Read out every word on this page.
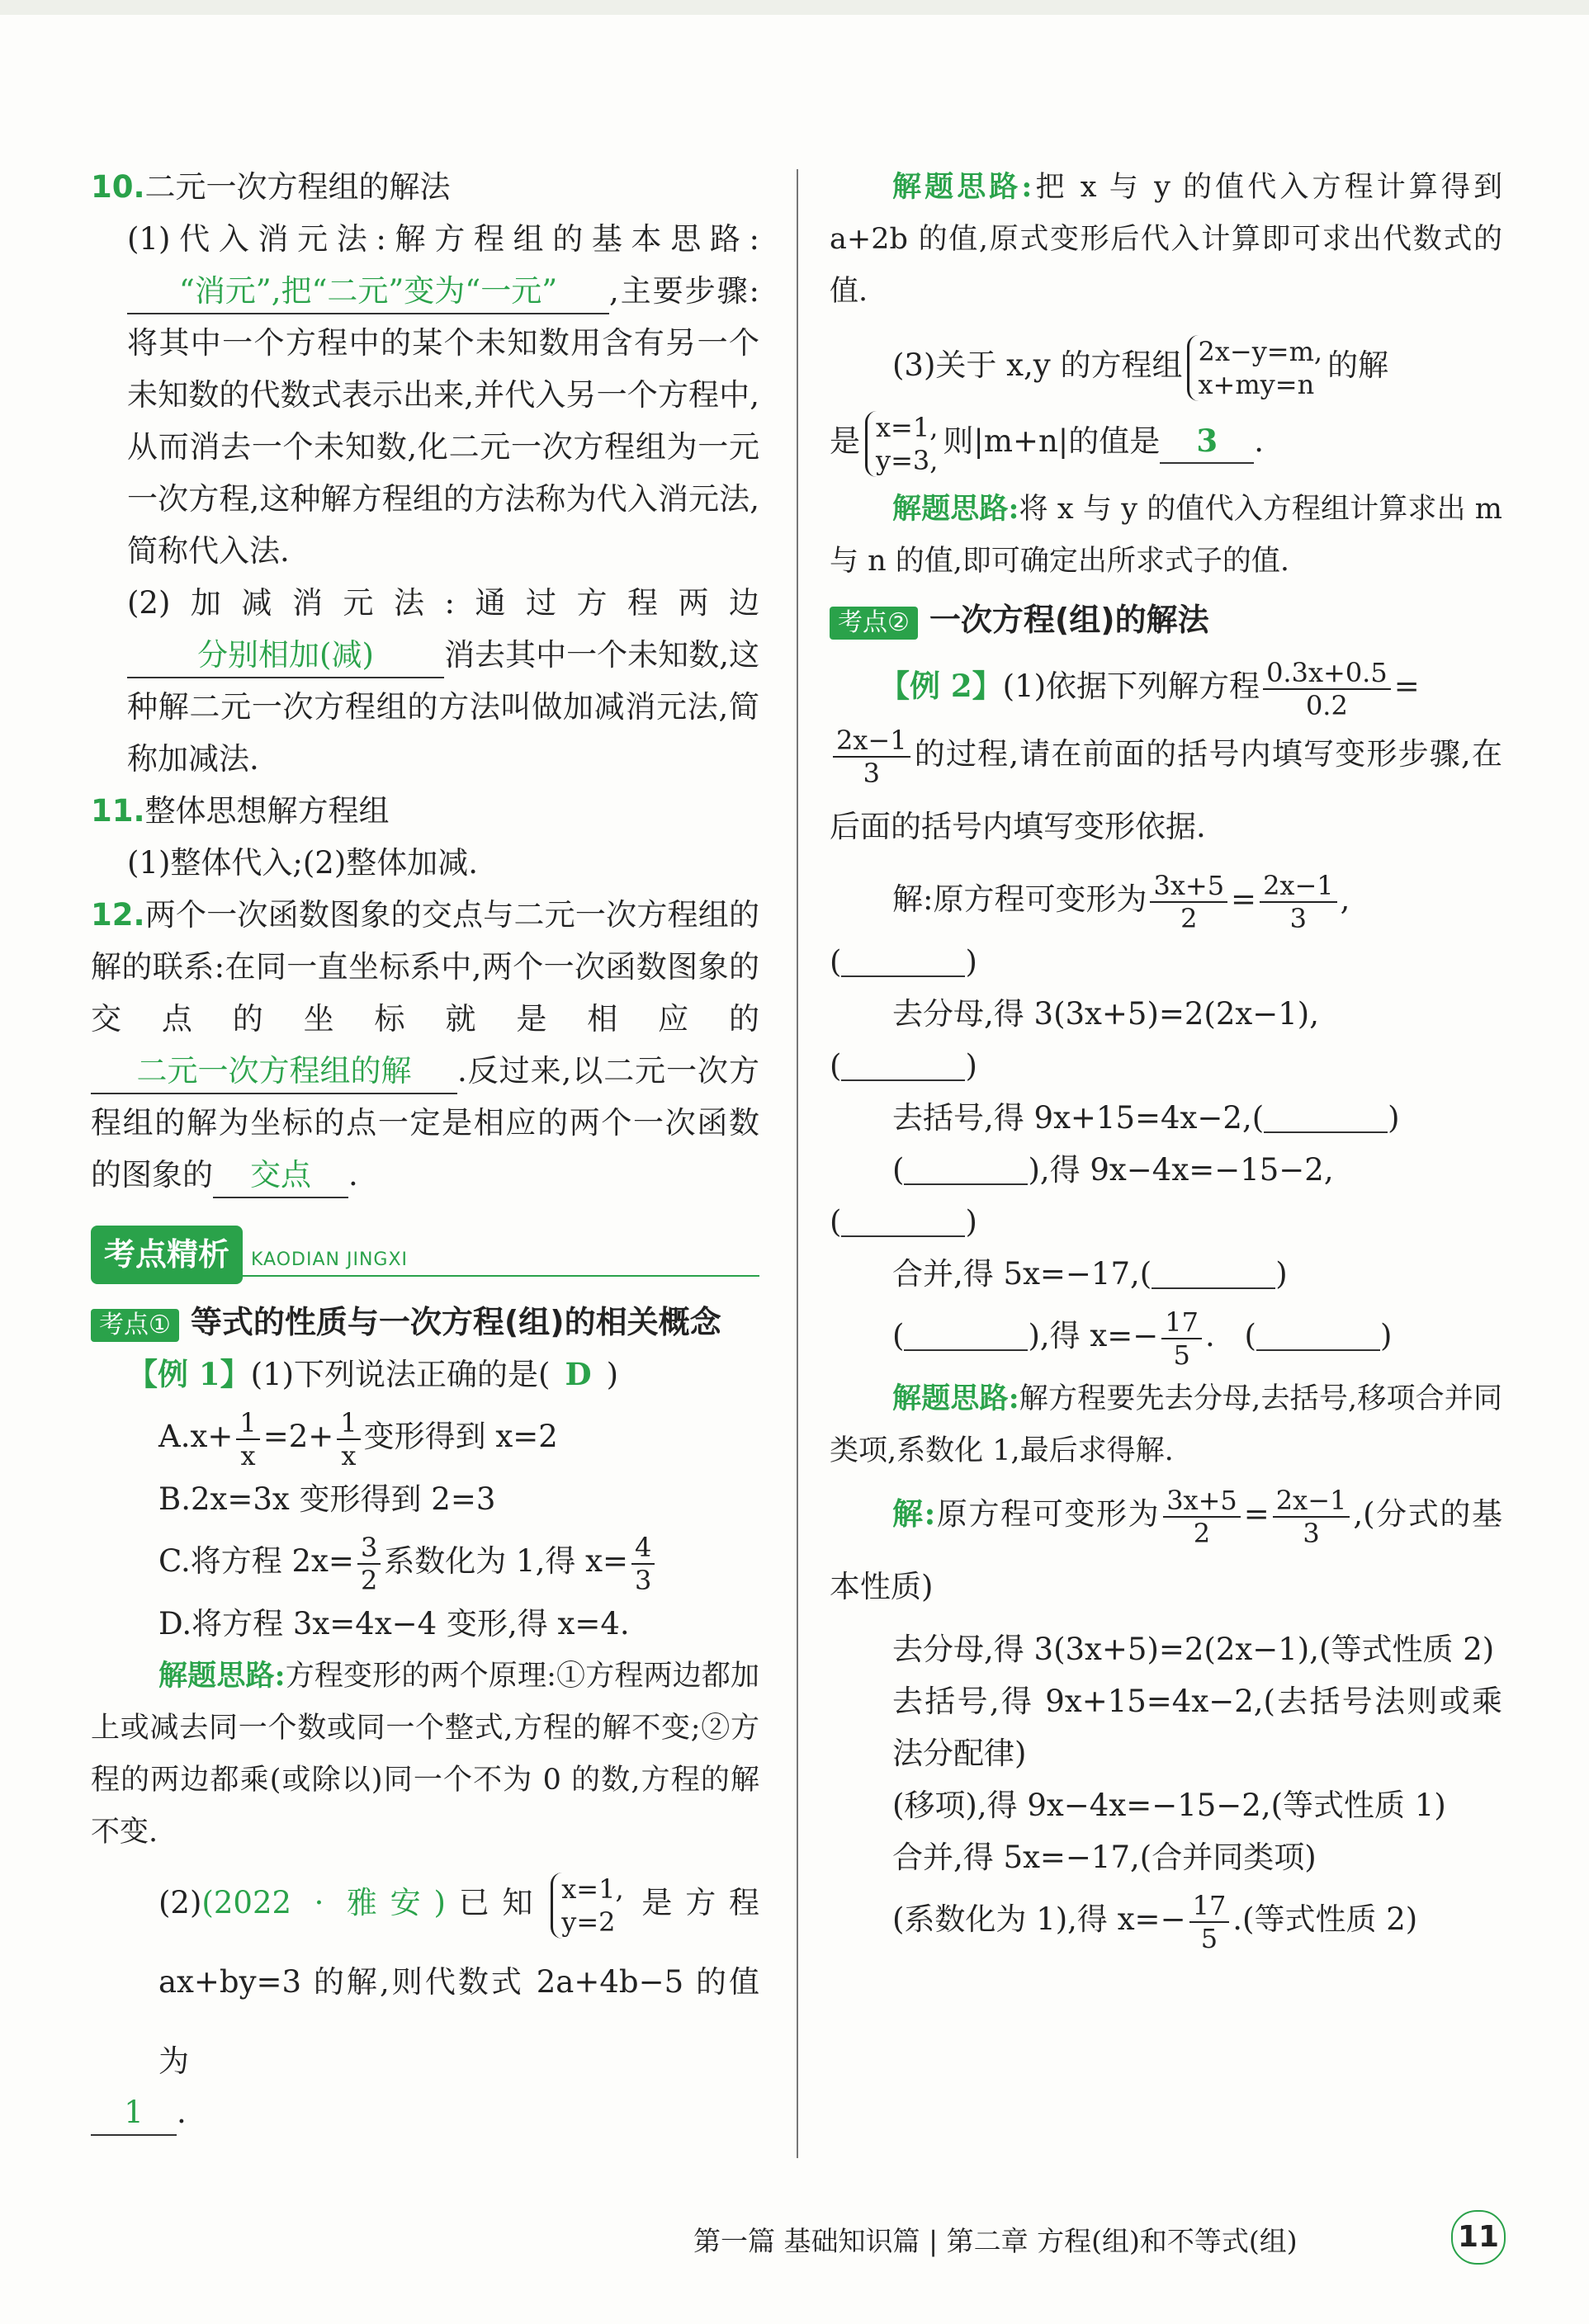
10.二元一次方程组的解法

(1)代入消元法:解方程组的基本思路: “消元”,把“二元”变为“一元” ,主要步骤:将其中一个方程中的某个未知数用含有另一个未知数的代数式表示出来,并代入另一个方程中,从而消去一个未知数,化二元一次方程组为一元一次方程,这种解方程组的方法称为代入消元法,简称代入法.

(2)加减消元法:通过方程两边分别相加(减) 消去其中一个未知数,这种解二元一次方程组的方法叫做加减消元法,简称加减法.

11.整体思想解方程组

(1)整体代入;(2)整体加减.

12.两个一次函数图象的交点与二元一次方程组的解的联系:在同一直坐标系中,两个一次函数图象的交点的坐标就是相应的二元一次方程组的解 .反过来,以二元一次方程组的解为坐标的点一定是相应的两个一次函数的图象的 交点 .

考点精析 KAODIAN JINGXI

考点① 等式的性质与一次方程(组)的相关概念

【例 1】(1)下列说法正确的是( D )

$A.x+ \frac{1}{x} =2+ \frac{1}{x}$ 变形得到 x=2

B.2x=3x 变形得到 2=3

C.将方程 $2x= \frac{3}{2}$ 系数化为 1,得 $x= \frac{4}{3}$

D.将方程 3x=4x−4 变形,得 x=4.

解题思路:方程变形的两个原理:①方程两边都加上或减去同一个数或同一个整式,方程的解不变;②方程的两边都乘(或除以)同一个不为 0 的数,方程的解不变.

(2)(2022 · 雅安)已知 x=1,
y=2
是方程 ax+by=3 的解,则代数式 2a+4b−5 的值为

1 .

解题思路:把 x 与 y 的值代入方程计算得到 a+2b 的值,原式变形后代入计算即可求出代数式的值.

(3)关于 x,y 的方程组 2x−y=m,
x+my=n
的解

是 x=1,
y=3,
则|m+n|的值是 3 .

解题思路:将 x 与 y 的值代入方程组计算求出 m 与 n 的值,即可确定出所求式子的值.

考点② 一次方程(组)的解法

【例 2】(1)依据下列解方程 $\frac{0.3x+0.5}{0.2}$ =

$\frac{2x-1}{3}$ 的过程,请在前面的括号内填写变形步骤,在后面的括号内填写变形依据.

解:原方程可变形为 $\frac{3x+5}{2} = \frac{2x-1}{3}$ ,

(	)

去分母,得 3(3x+5)=2(2x−1),

(	)

去括号,得 9x+15=4x−2,(	)

(	),得 9x−4x=−15−2,

(	)

合并,得 5x=−17,(	)

(	),得 $x=- \frac{17}{5}$ . (	)

解题思路:解方程要先去分母,去括号,移项合并同类项,系数化 1,最后求得解.

解:原方程可变形为 $\frac{3x+5}{2} = \frac{2x-1}{3}$ ,(分式的基本性质)

去分母,得 3(3x+5)=2(2x−1),(等式性质 2)

去括号,得 9x+15=4x−2,(去括号法则或乘法分配律)

(移项),得 9x−4x=−15−2,(等式性质 1)

合并,得 5x=−17,(合并同类项)

(系数化为 1),得 $x=- \frac{17}{5}$ .(等式性质 2)

第一篇 基础知识篇 | 第二章 方程(组)和不等式(组)	11
